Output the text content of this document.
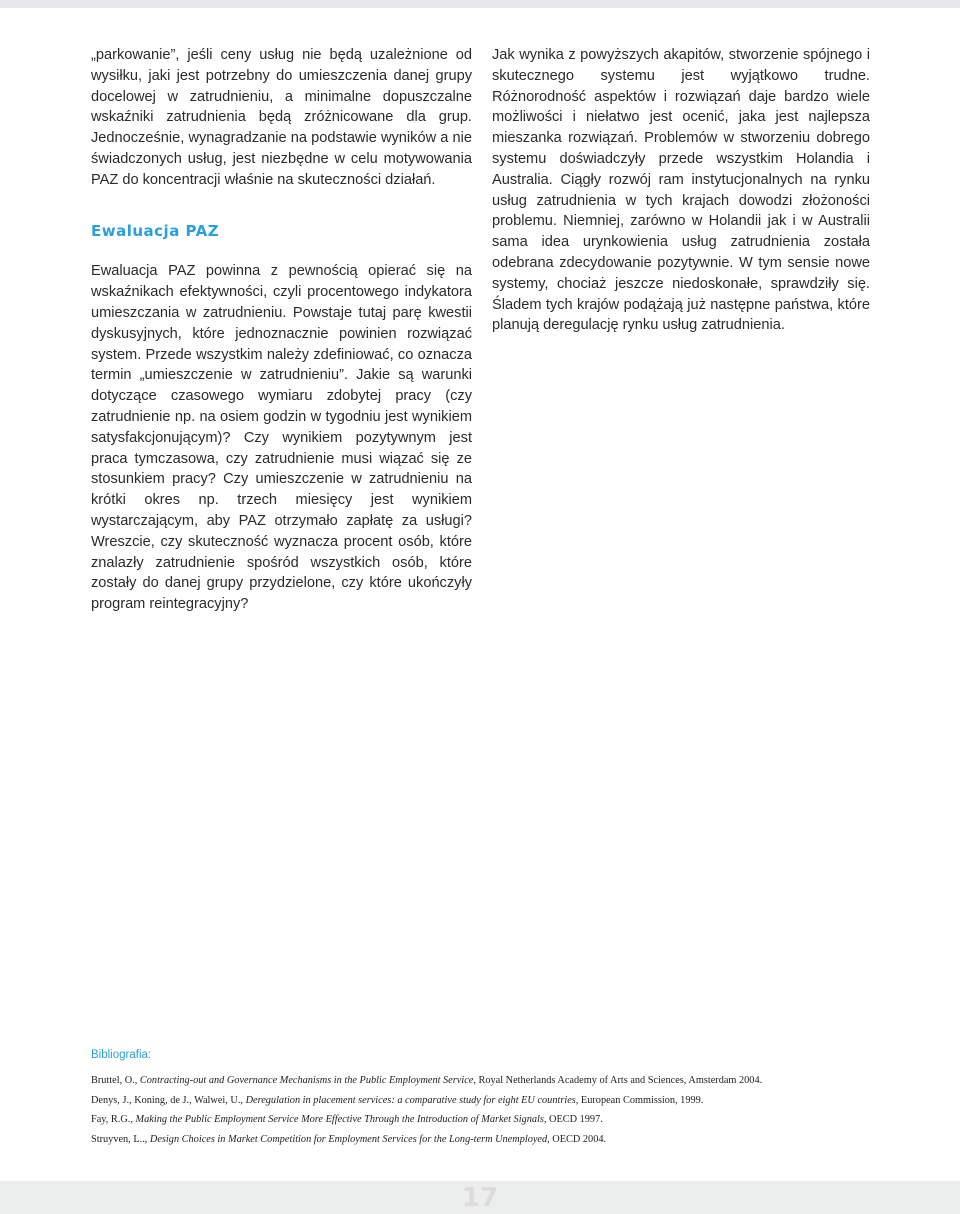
„parkowanie”, jeśli ceny usług nie będą uzależnione od wysiłku, jaki jest potrzebny do umieszczenia danej grupy docelowej w zatrudnieniu, a minimalne dopuszczalne wskaźniki zatrudnienia będą zróżnicowane dla grup. Jednocześnie, wynagradzanie na podstawie wyników a nie świadczonych usług, jest niezbędne w celu motywowania PAZ do koncentracji właśnie na skuteczności działań.

Ewaluacja PAZ

Ewaluacja PAZ powinna z pewnością opierać się na wskaźnikach efektywności, czyli procentowego indykatora umieszczania w zatrudnieniu. Powstaje tutaj parę kwestii dyskusyjnych, które jednoznacznie powinien rozwiązać system. Przede wszystkim należy zdefiniować, co oznacza termin „umieszczenie w zatrudnieniu”. Jakie są warunki dotyczące czasowego wymiaru zdobytej pracy (czy zatrudnienie np. na osiem godzin w tygodniu jest wynikiem satysfakcjonującym)? Czy wynikiem pozytywnym jest praca tymczasowa, czy zatrudnienie musi wiązać się ze stosunkiem pracy? Czy umieszczenie w zatrudnieniu na krótki okres np. trzech miesięcy jest wynikiem wystarczającym, aby PAZ otrzymało zapłatę za usługi? Wreszcie, czy skuteczność wyznacza procent osób, które znalazły zatrudnienie spośród wszystkich osób, które zostały do danej grupy przydzielone, czy które ukończyły program reintegracyjny?

Jak wynika z powyższych akapitów, stworzenie spójnego i skutecznego systemu jest wyjątkowo trudne. Różnorodność aspektów i rozwiązań daje bardzo wiele możliwości i niełatwo jest ocenić, jaka jest najlepsza mieszanka rozwiązań. Problemów w stworzeniu dobrego systemu doświadczyły przede wszystkim Holandia i Australia. Ciągły rozwój ram instytucjonalnych na rynku usług zatrudnienia w tych krajach dowodzi złożoności problemu. Niemniej, zarówno w Holandii jak i w Australii sama idea urynkowienia usług zatrudnienia została odebrana zdecydowanie pozytywnie. W tym sensie nowe systemy, chociaż jeszcze niedoskonałe, sprawdziły się. Śladem tych krajów podążają już następne państwa, które planują deregulację rynku usług zatrudnienia.

Bibliografia:
Bruttel, O., Contracting-out and Governance Mechanisms in the Public Employment Service, Royal Netherlands Academy of Arts and Sciences, Amsterdam 2004.
Denys, J., Koning, de J., Walwei, U., Deregulation in placement services: a comparative study for eight EU countries, European Commission, 1999.
Fay, R.G., Making the Public Employment Service More Effective Through the Introduction of Market Signals, OECD 1997.
Struyven, L.., Design Choices in Market Competition for Employment Services for the Long-term Unemployed, OECD 2004.
17
